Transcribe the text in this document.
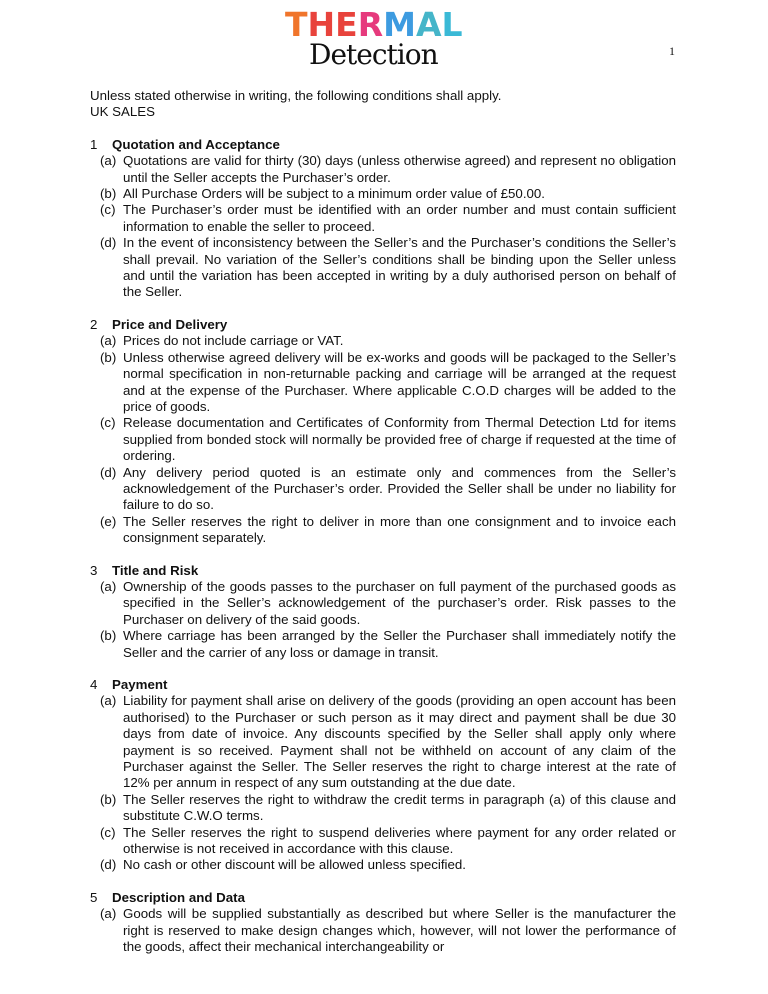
THERMAL
Detection	1

Unless stated otherwise in writing, the following conditions shall apply.

UK SALES

1	Quotation and Acceptance
(a) Quotations are valid for thirty (30) days (unless otherwise agreed) and represent no obligation until the Seller accepts the Purchaser’s order.
(b) All Purchase Orders will be subject to a minimum order value of £50.00.
(c) The Purchaser’s order must be identified with an order number and must contain sufficient information to enable the seller to proceed.
(d) In the event of inconsistency between the Seller’s and the Purchaser’s conditions the Seller’s shall prevail. No variation of the Seller’s conditions shall be binding upon the Seller unless and until the variation has been accepted in writing by a duly authorised person on behalf of the Seller.
2	Price and Delivery
(a) Prices do not include carriage or VAT.
(b) Unless otherwise agreed delivery will be ex-works and goods will be packaged to the Seller’s normal specification in non-returnable packing and carriage will be arranged at the request and at the expense of the Purchaser. Where applicable C.O.D charges will be added to the price of goods.
(c) Release documentation and Certificates of Conformity from Thermal Detection Ltd for items supplied from bonded stock will normally be provided free of charge if requested at the time of ordering.
(d) Any delivery period quoted is an estimate only and commences from the Seller’s acknowledgement of the Purchaser’s order. Provided the Seller shall be under no liability for failure to do so.
(e) The Seller reserves the right to deliver in more than one consignment and to invoice each consignment separately.
3	Title and Risk
(a) Ownership of the goods passes to the purchaser on full payment of the purchased goods as specified in the Seller’s acknowledgement of the purchaser’s order. Risk passes to the Purchaser on delivery of the said goods.
(b) Where carriage has been arranged by the Seller the Purchaser shall immediately notify the Seller and the carrier of any loss or damage in transit.
4	Payment
(a) Liability for payment shall arise on delivery of the goods (providing an open account has been authorised) to the Purchaser or such person as it may direct and payment shall be due 30 days from date of invoice. Any discounts specified by the Seller shall apply only where payment is so received. Payment shall not be withheld on account of any claim of the Purchaser against the Seller. The Seller reserves the right to charge interest at the rate of 12% per annum in respect of any sum outstanding at the due date.
(b) The Seller reserves the right to withdraw the credit terms in paragraph (a) of this clause and substitute C.W.O terms.
(c) The Seller reserves the right to suspend deliveries where payment for any order related or otherwise is not received in accordance with this clause.
(d) No cash or other discount will be allowed unless specified.
5	Description and Data
(a) Goods will be supplied substantially as described but where Seller is the manufacturer the right is reserved to make design changes which, however, will not lower the performance of the goods, affect their mechanical interchangeability or
